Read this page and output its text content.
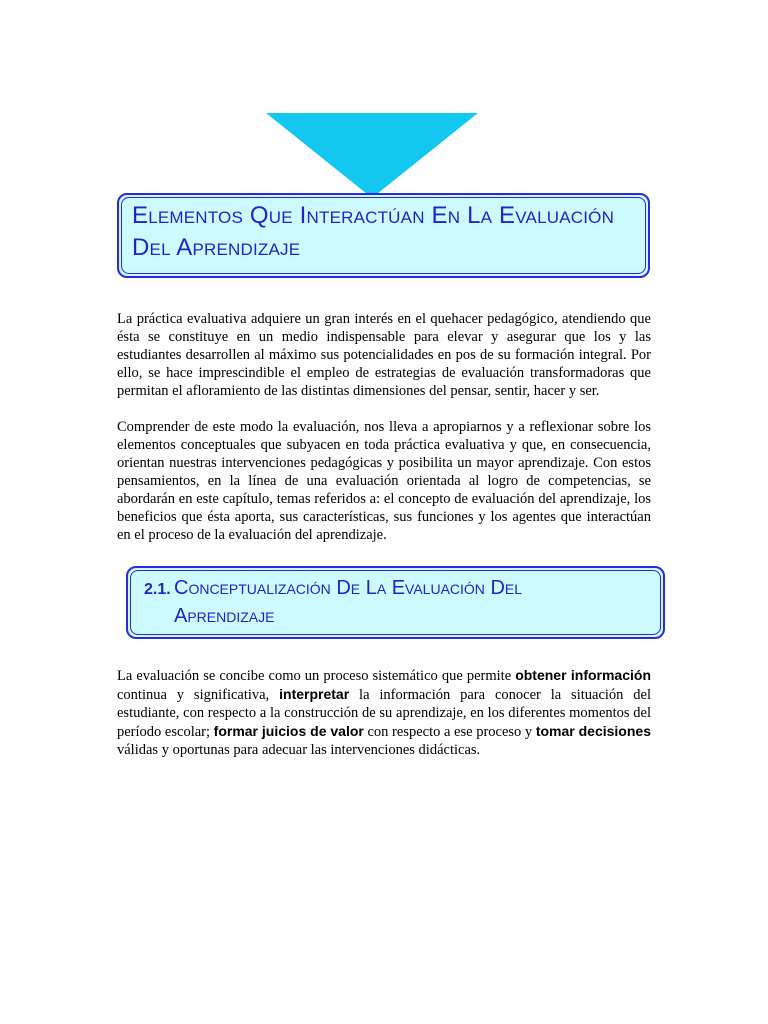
Elementos Que Interactúan En La Evaluación
Del Aprendizaje

La práctica evaluativa adquiere un gran interés en el quehacer pedagógico, atendiendo que ésta se constituye en un medio indispensable para elevar y asegurar que los y las estudiantes desarrollen al máximo sus potencialidades en pos de su formación integral. Por ello, se hace imprescindible el empleo de estrategias de evaluación transformadoras que permitan el afloramiento de las distintas dimensiones del pensar, sentir, hacer y ser.

Comprender de este modo la evaluación, nos lleva a apropiarnos y a reflexionar sobre los elementos conceptuales que subyacen en toda práctica evaluativa y que, en consecuencia, orientan nuestras intervenciones pedagógicas y posibilita un mayor aprendizaje. Con estos pensamientos, en la línea de una evaluación orientada al logro de competencias, se abordarán en este capítulo, temas referidos a: el concepto de evaluación del aprendizaje, los beneficios que ésta aporta, sus características, sus funciones y los agentes que interactúan en el proceso de la evaluación del aprendizaje.

2.1. Conceptualización De La Evaluación Del
Aprendizaje

La evaluación se concibe como un proceso sistemático que permite obtener información continua y significativa, interpretar la información para conocer la situación del estudiante, con respecto a la construcción de su aprendizaje, en los diferentes momentos del período escolar; formar juicios de valor con respecto a ese proceso y tomar decisiones válidas y oportunas para adecuar las intervenciones didácticas.
